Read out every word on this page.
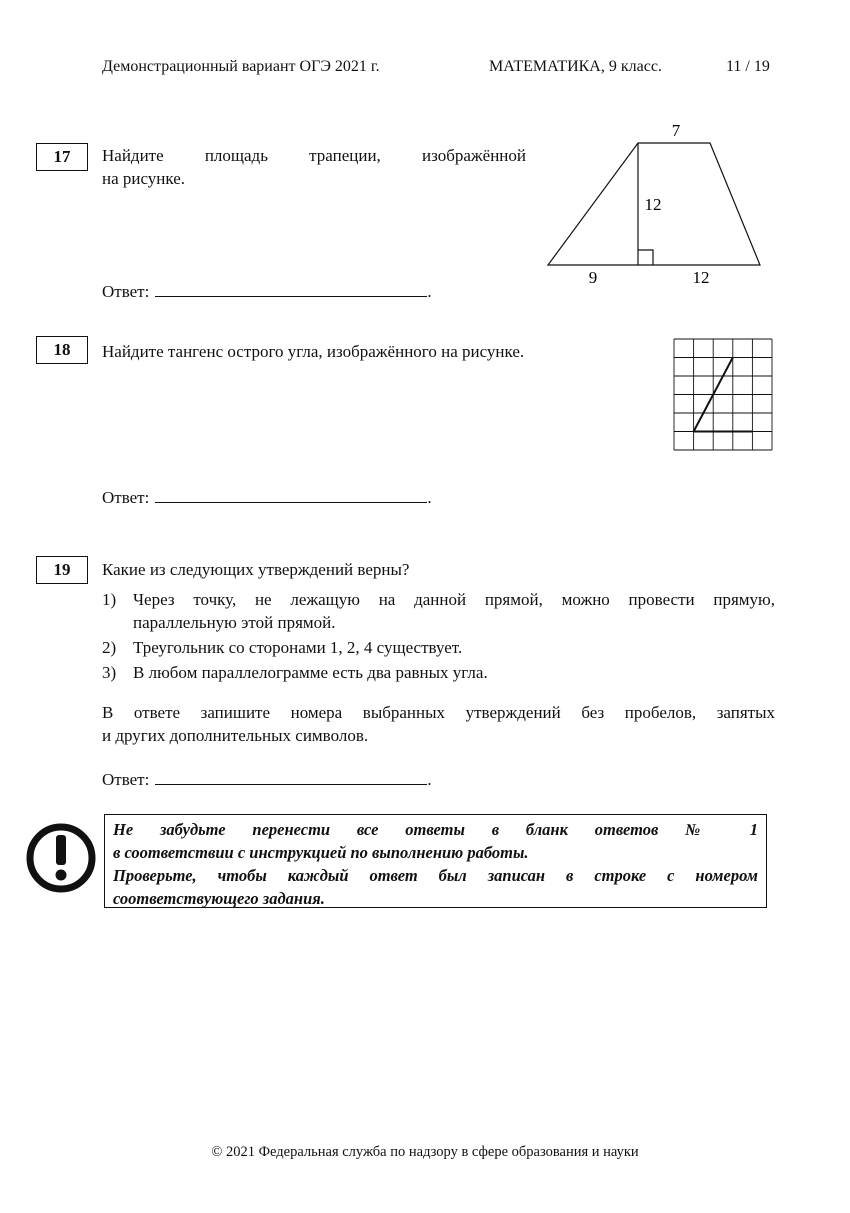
Демонстрационный вариант ОГЭ 2021 г.	МАТЕМАТИКА, 9 класс.	11 / 19
17	Найдите площадь трапеции, изображённой
на рисунке.
7
12
9	12
Ответ:	.
18	Найдите тангенс острого угла, изображённого на рисунке.
Ответ:	.
19	Какие из следующих утверждений верны?
1) Через точку, не лежащую на данной прямой, можно провести прямую,
параллельную этой прямой.
2) Треугольник со сторонами 1, 2, 4 существует.
3) В любом параллелограмме есть два равных угла.
В ответе запишите номера выбранных утверждений без пробелов, запятых
и других дополнительных символов.
Ответ:	.
Не забудьте перенести все ответы в бланк ответов № 1
в соответствии с инструкцией по выполнению работы.
Проверьте, чтобы каждый ответ был записан в строке с номером
соответствующего задания.
© 2021 Федеральная служба по надзору в сфере образования и науки
